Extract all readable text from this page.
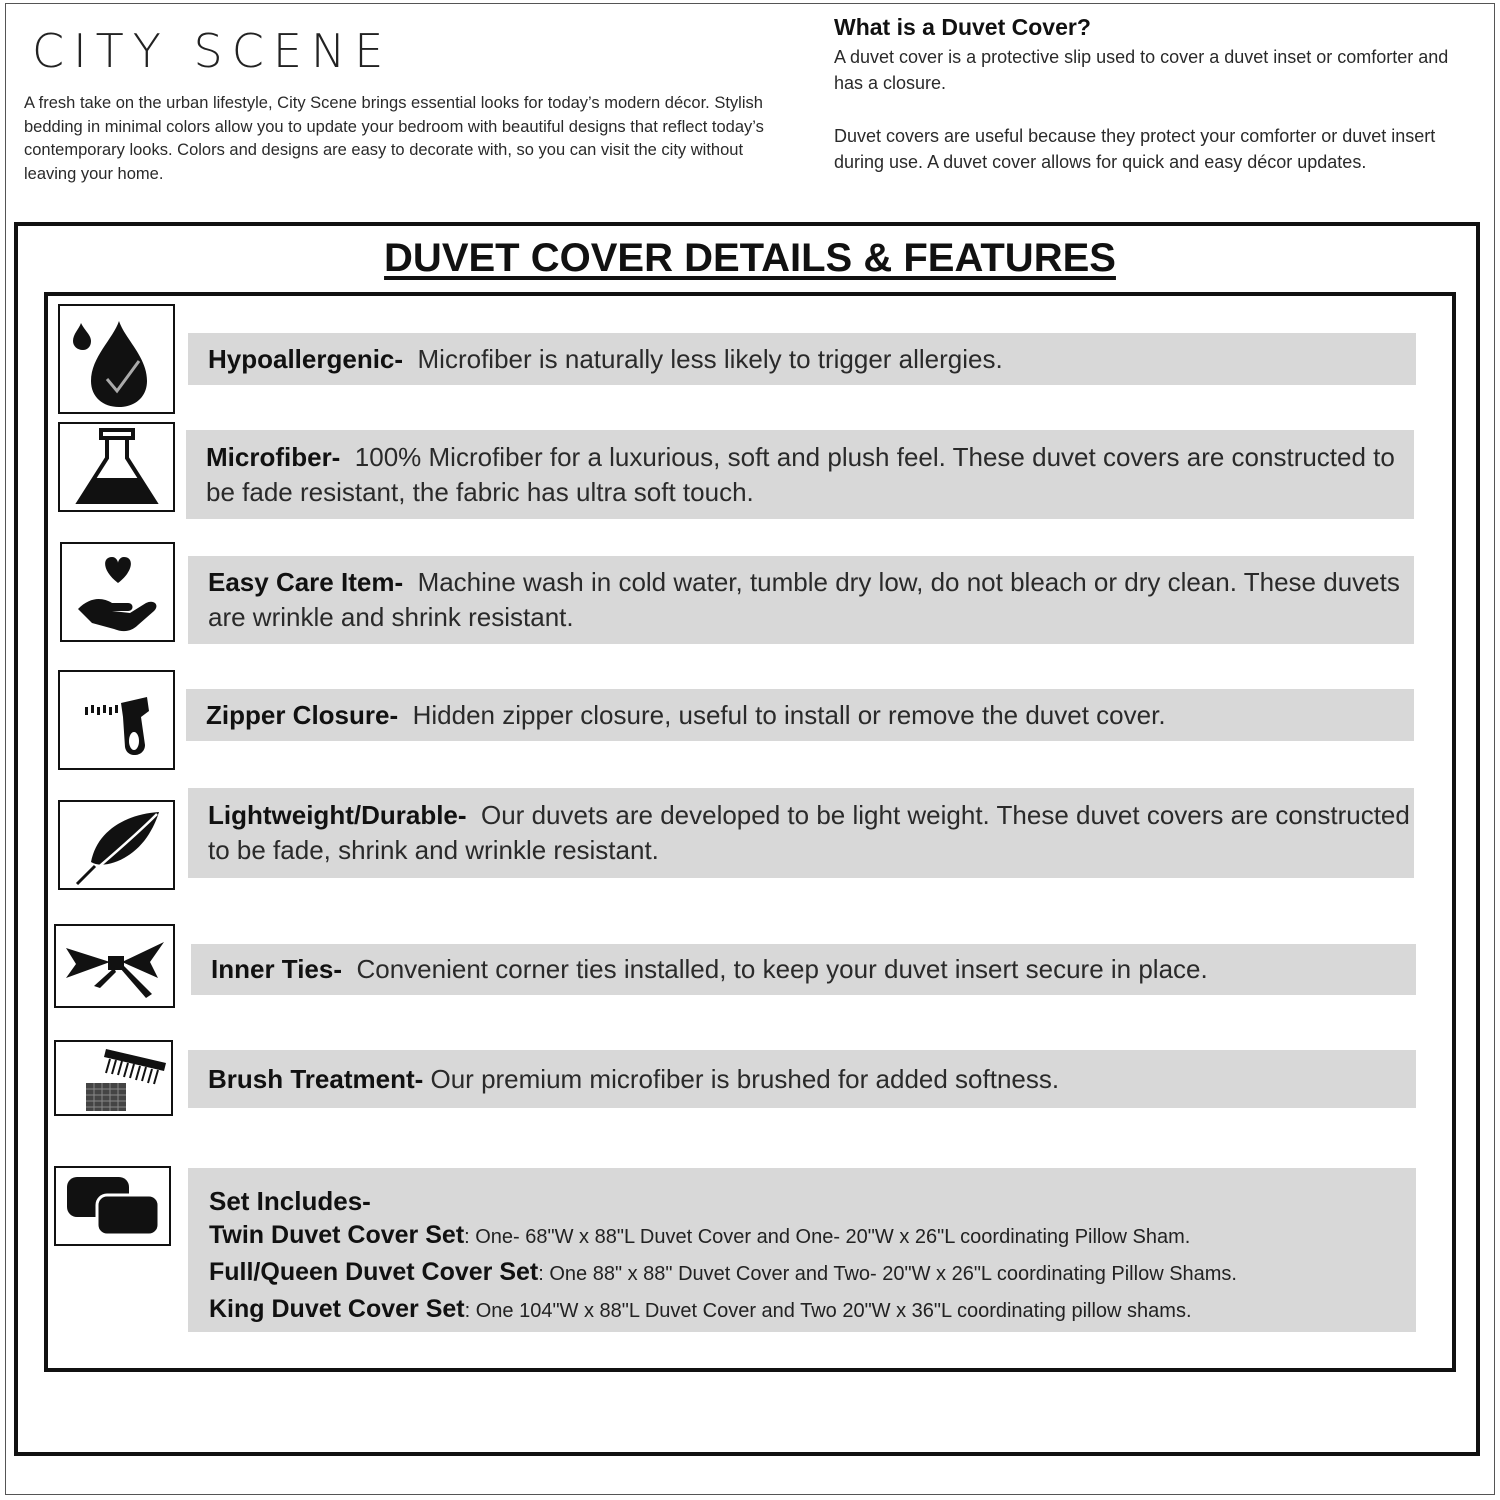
CITY SCENE
A fresh take on the urban lifestyle, City Scene brings essential looks for today’s modern décor. Stylish bedding in minimal colors allow you to update your bedroom with beautiful designs that reflect today’s contemporary looks. Colors and designs are easy to decorate with, so you can visit the city without leaving your home.
What is a Duvet Cover?

A duvet cover is a protective slip used to cover a duvet inset or comforter and has a closure.

Duvet covers are useful because they protect your comforter or duvet insert during use. A duvet cover allows for quick and easy décor updates.

DUVET COVER DETAILS & FEATURES
Hypoallergenic- Microfiber is naturally less likely to trigger allergies.
Microfiber- 100% Microfiber for a luxurious, soft and plush feel. These duvet covers are constructed to be fade resistant, the fabric has ultra soft touch.
Easy Care Item- Machine wash in cold water, tumble dry low, do not bleach or dry clean. These duvets are wrinkle and shrink resistant.
Zipper Closure- Hidden zipper closure, useful to install or remove the duvet cover.
Lightweight/Durable- Our duvets are developed to be light weight. These duvet covers are constructed to be fade, shrink and wrinkle resistant.
Inner Ties- Convenient corner ties installed, to keep your duvet insert secure in place.
Brush Treatment- Our premium microfiber is brushed for added softness.
Set Includes-
Twin Duvet Cover Set: One- 68"W x 88"L Duvet Cover and One- 20"W x 26"L coordinating Pillow Sham.
Full/Queen Duvet Cover Set: One 88" x 88" Duvet Cover and Two- 20"W x 26"L coordinating Pillow Shams.
King Duvet Cover Set: One 104"W x 88"L Duvet Cover and Two 20"W x 36"L coordinating pillow shams.
